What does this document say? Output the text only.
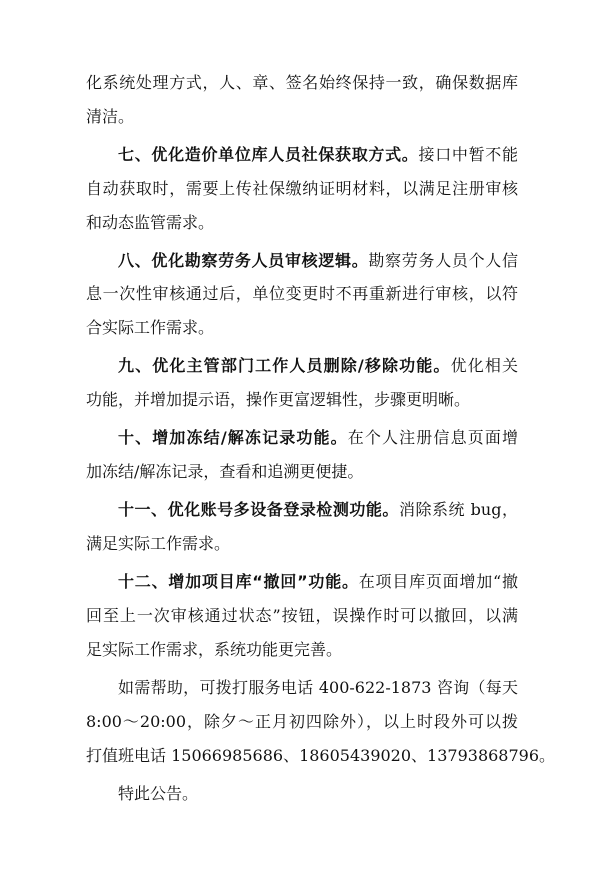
化系统处理方式，人、章、签名始终保持一致，确保数据库
清洁。
七、优化造价单位库人员社保获取方式。接口中暂不能
自动获取时，需要上传社保缴纳证明材料，以满足注册审核
和动态监管需求。
八、优化勘察劳务人员审核逻辑。勘察劳务人员个人信
息一次性审核通过后，单位变更时不再重新进行审核，以符
合实际工作需求。
九、优化主管部门工作人员删除/移除功能。优化相关
功能，并增加提示语，操作更富逻辑性，步骤更明晰。
十、增加冻结/解冻记录功能。在个人注册信息页面增
加冻结/解冻记录，查看和追溯更便捷。
十一、优化账号多设备登录检测功能。消除系统 bug，
满足实际工作需求。
十二、增加项目库“撤回”功能。在项目库页面增加“撤
回至上一次审核通过状态”按钮，误操作时可以撤回，以满
足实际工作需求，系统功能更完善。
如需帮助，可拨打服务电话 400-622-1873 咨询（每天
8:00～20:00，除夕～正月初四除外），以上时段外可以拨
打值班电话 15066985686、18605439020、13793868796。
特此公告。
